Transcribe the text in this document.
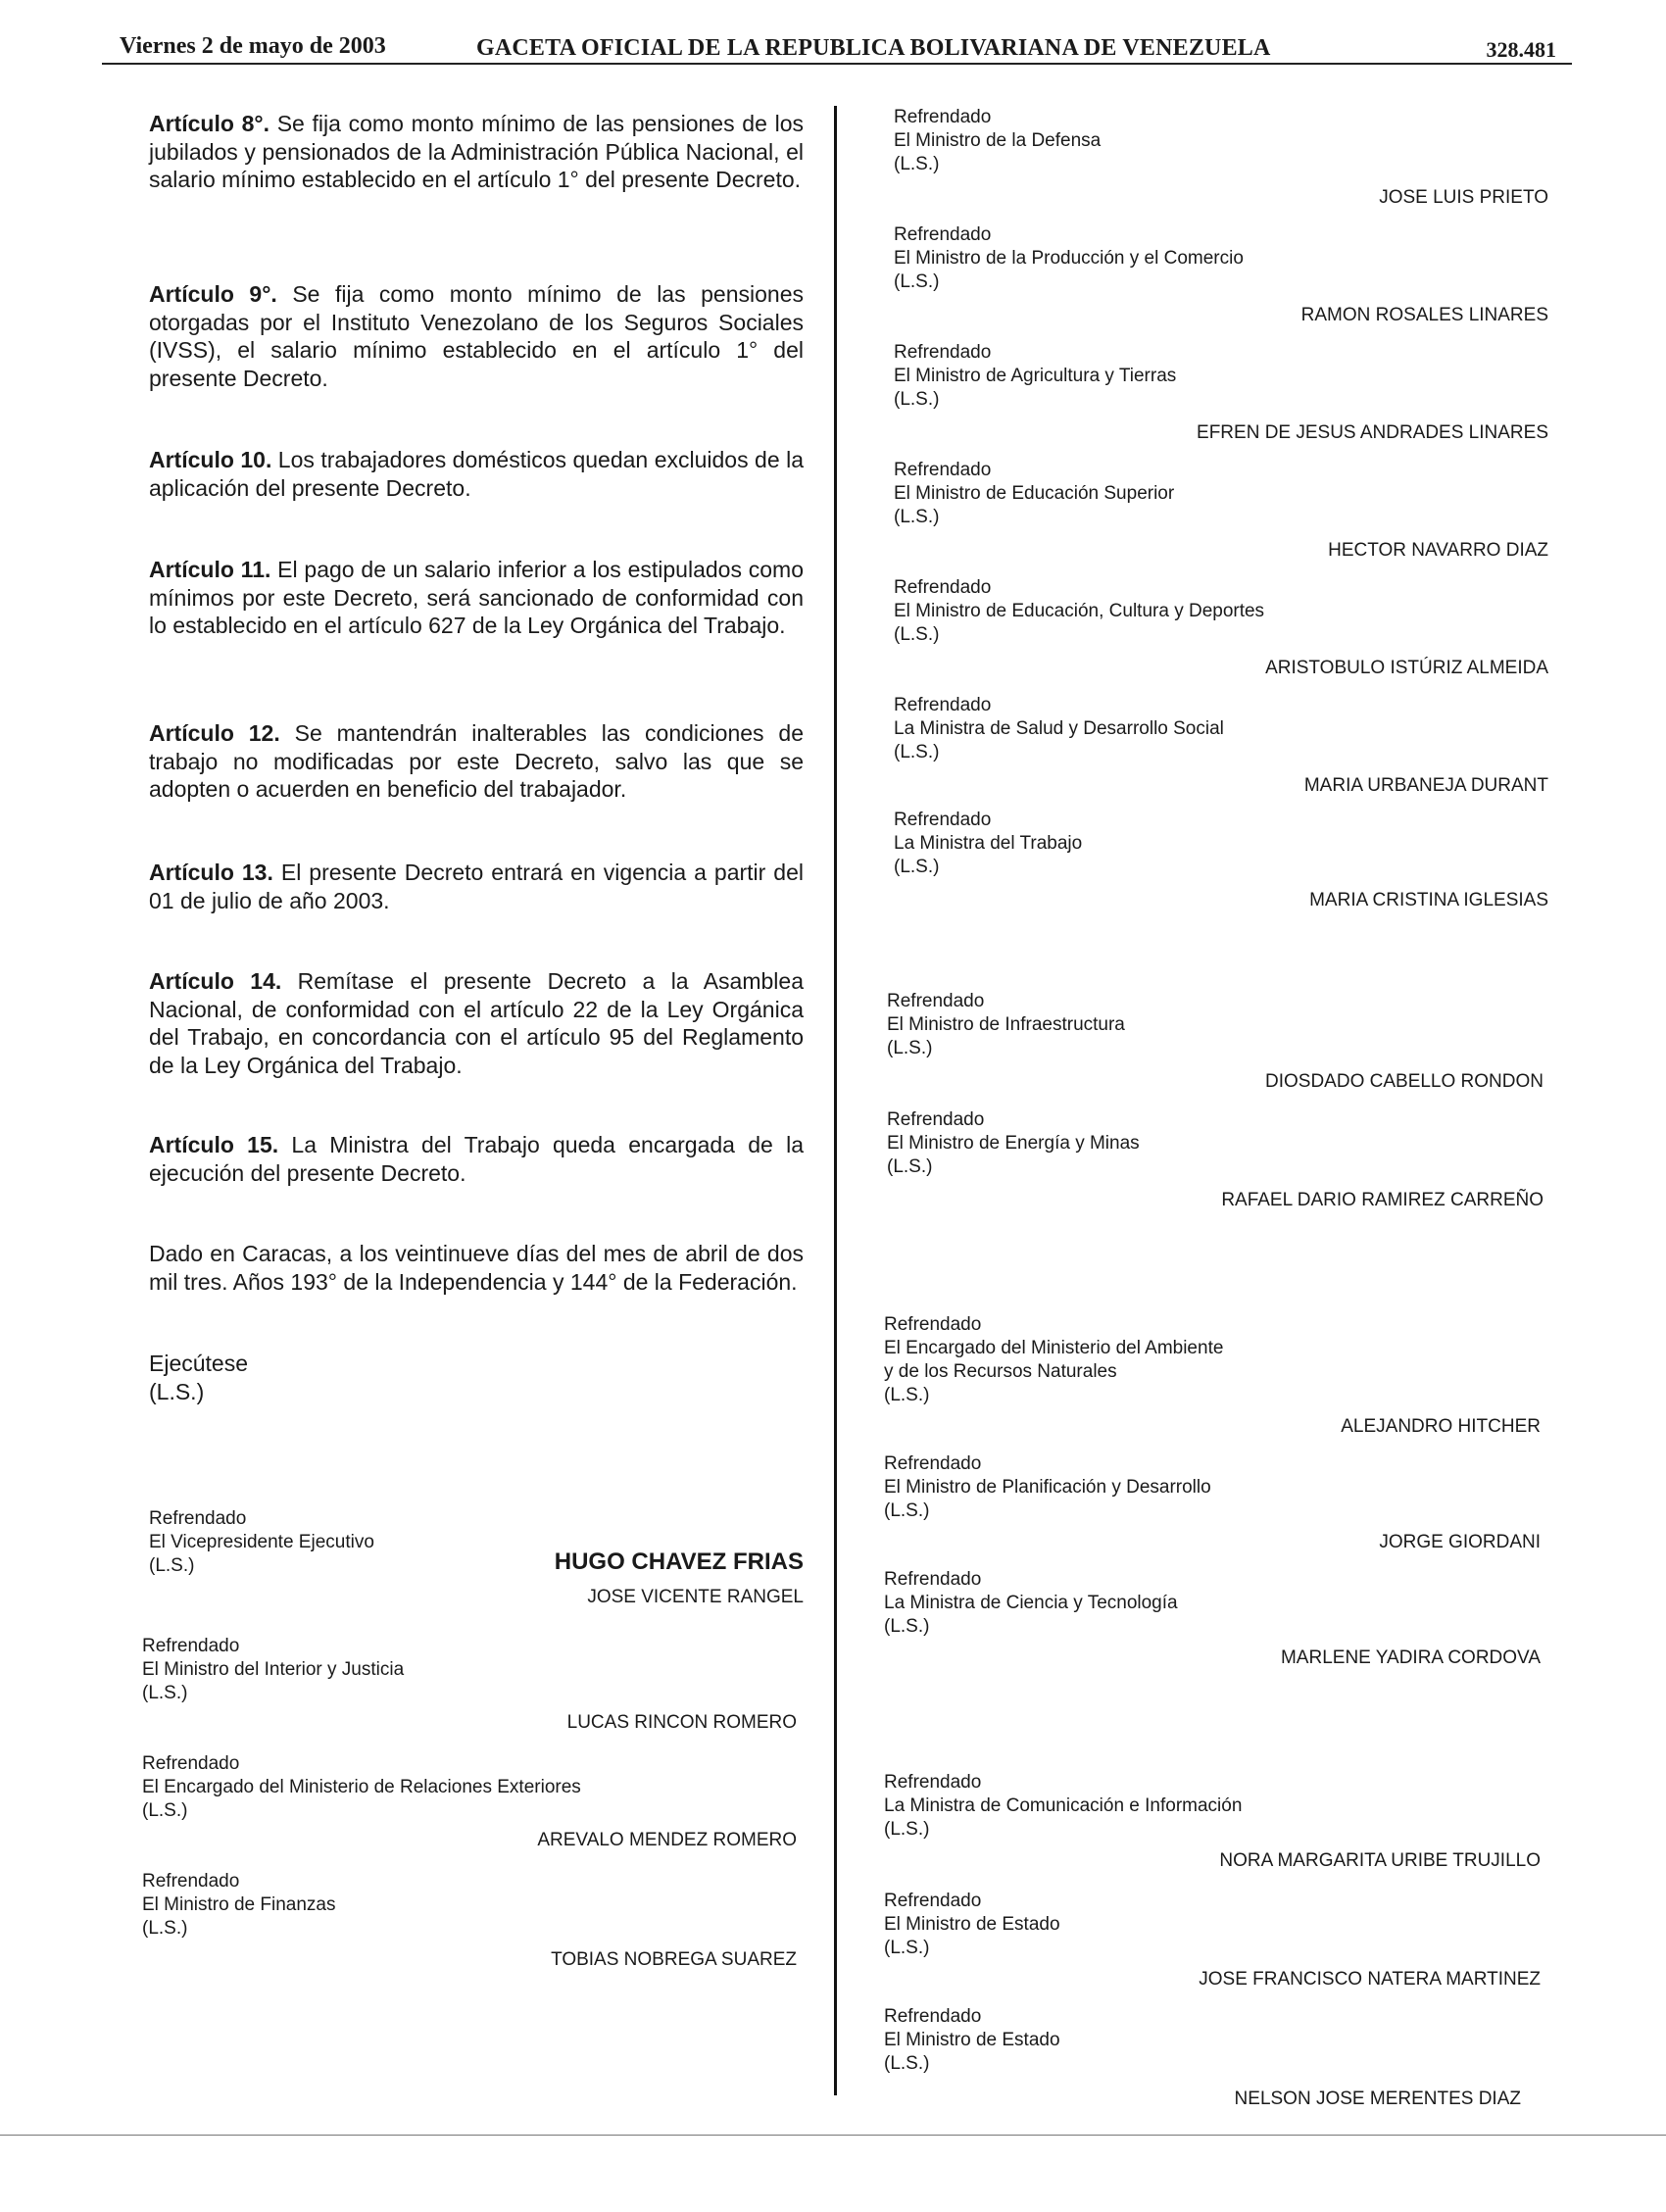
Viernes 2 de mayo de 2003	GACETA OFICIAL DE LA REPUBLICA BOLIVARIANA DE VENEZUELA	328.481
Artículo 8°. Se fija como monto mínimo de las pensiones de los jubilados y pensionados de la Administración Pública Nacional, el salario mínimo establecido en el artículo 1° del presente Decreto.
Artículo 9°. Se fija como monto mínimo de las pensiones otorgadas por el Instituto Venezolano de los Seguros Sociales (IVSS), el salario mínimo establecido en el artículo 1° del presente Decreto.
Artículo 10. Los trabajadores domésticos quedan excluidos de la aplicación del presente Decreto.
Artículo 11. El pago de un salario inferior a los estipulados como mínimos por este Decreto, será sancionado de conformidad con lo establecido en el artículo 627 de la Ley Orgánica del Trabajo.
Artículo 12. Se mantendrán inalterables las condiciones de trabajo no modificadas por este Decreto, salvo las que se adopten o acuerden en beneficio del trabajador.
Artículo 13. El presente Decreto entrará en vigencia a partir del 01 de julio de año 2003.
Artículo 14. Remítase el presente Decreto a la Asamblea Nacional, de conformidad con el artículo 22 de la Ley Orgánica del Trabajo, en concordancia con el artículo 95 del Reglamento de la Ley Orgánica del Trabajo.
Artículo 15. La Ministra del Trabajo queda encargada de la ejecución del presente Decreto.
Dado en Caracas, a los veintinueve días del mes de abril de dos mil tres. Años 193° de la Independencia y 144° de la Federación.
Ejecútese
(L.S.)
HUGO CHAVEZ FRIAS
Refrendado
El Vicepresidente Ejecutivo
(L.S.)
JOSE VICENTE RANGEL
Refrendado
El Ministro del Interior y Justicia
(L.S.)
LUCAS RINCON ROMERO
Refrendado
El Encargado del Ministerio de Relaciones Exteriores
(L.S.)
AREVALO MENDEZ ROMERO
Refrendado
El Ministro de Finanzas
(L.S.)
TOBIAS NOBREGA SUAREZ
Refrendado
El Ministro de la Defensa
(L.S.)
JOSE LUIS PRIETO
Refrendado
El Ministro de la Producción y el Comercio
(L.S.)
RAMON ROSALES LINARES
Refrendado
El Ministro de Agricultura y Tierras
(L.S.)
EFREN DE JESUS ANDRADES LINARES
Refrendado
El Ministro de Educación Superior
(L.S.)
HECTOR NAVARRO DIAZ
Refrendado
El Ministro de Educación, Cultura y Deportes
(L.S.)
ARISTOBULO ISTÚRIZ ALMEIDA
Refrendado
La Ministra de Salud y Desarrollo Social
(L.S.)
MARIA URBANEJA DURANT
Refrendado
La Ministra del Trabajo
(L.S.)
MARIA CRISTINA IGLESIAS
Refrendado
El Ministro de Infraestructura
(L.S.)
DIOSDADO CABELLO RONDON
Refrendado
El Ministro de Energía y Minas
(L.S.)
RAFAEL DARIO RAMIREZ CARREÑO
Refrendado
El Encargado del Ministerio del Ambiente
y de los Recursos Naturales
(L.S.)
ALEJANDRO HITCHER
Refrendado
El Ministro de Planificación y Desarrollo
(L.S.)
JORGE GIORDANI
Refrendado
La Ministra de Ciencia y Tecnología
(L.S.)
MARLENE YADIRA CORDOVA
Refrendado
La Ministra de Comunicación e Información
(L.S.)
NORA MARGARITA URIBE TRUJILLO
Refrendado
El Ministro de Estado
(L.S.)
JOSE FRANCISCO NATERA MARTINEZ
Refrendado
El Ministro de Estado
(L.S.)
NELSON JOSE MERENTES DIAZ
